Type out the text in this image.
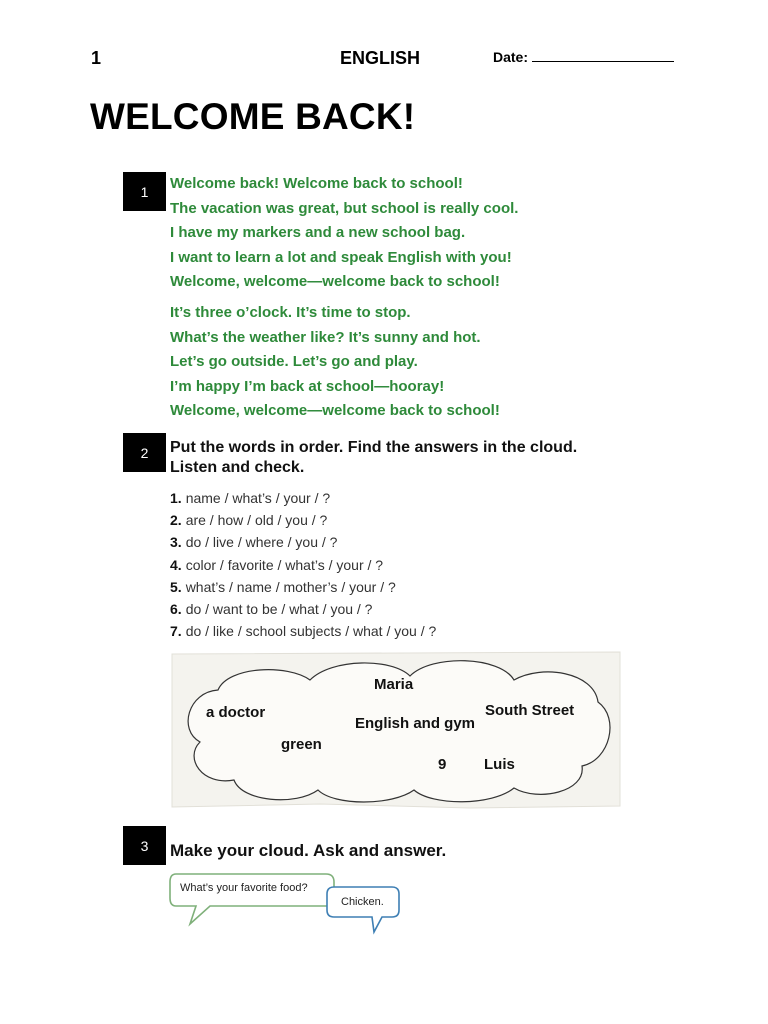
1	ENGLISH	Date:
WELCOME BACK!
1	Welcome back! Welcome back to school!
The vacation was great, but school is really cool.
I have my markers and a new school bag.
I want to learn a lot and speak English with you!
Welcome, welcome—welcome back to school!
It’s three o’clock. It’s time to stop.
What’s the weather like? It’s sunny and hot.
Let’s go outside. Let’s go and play.
I’m happy I’m back at school—hooray!
Welcome, welcome—welcome back to school!
2	Put the words in order. Find the answers in the cloud.
Listen and check.
1. name / what’s / your / ?
2. are / how / old / you / ?
3. do / live / where / you / ?
4. color / favorite / what’s / your / ?
5. what’s / name / mother’s / your / ?
6. do / want to be / what / you / ?
7. do / like / school subjects / what / you / ?
Maria
a doctor
English and gym
South Street
green
9	Luis
3	Make your cloud. Ask and answer.
What’s your favorite food?
Chicken.
